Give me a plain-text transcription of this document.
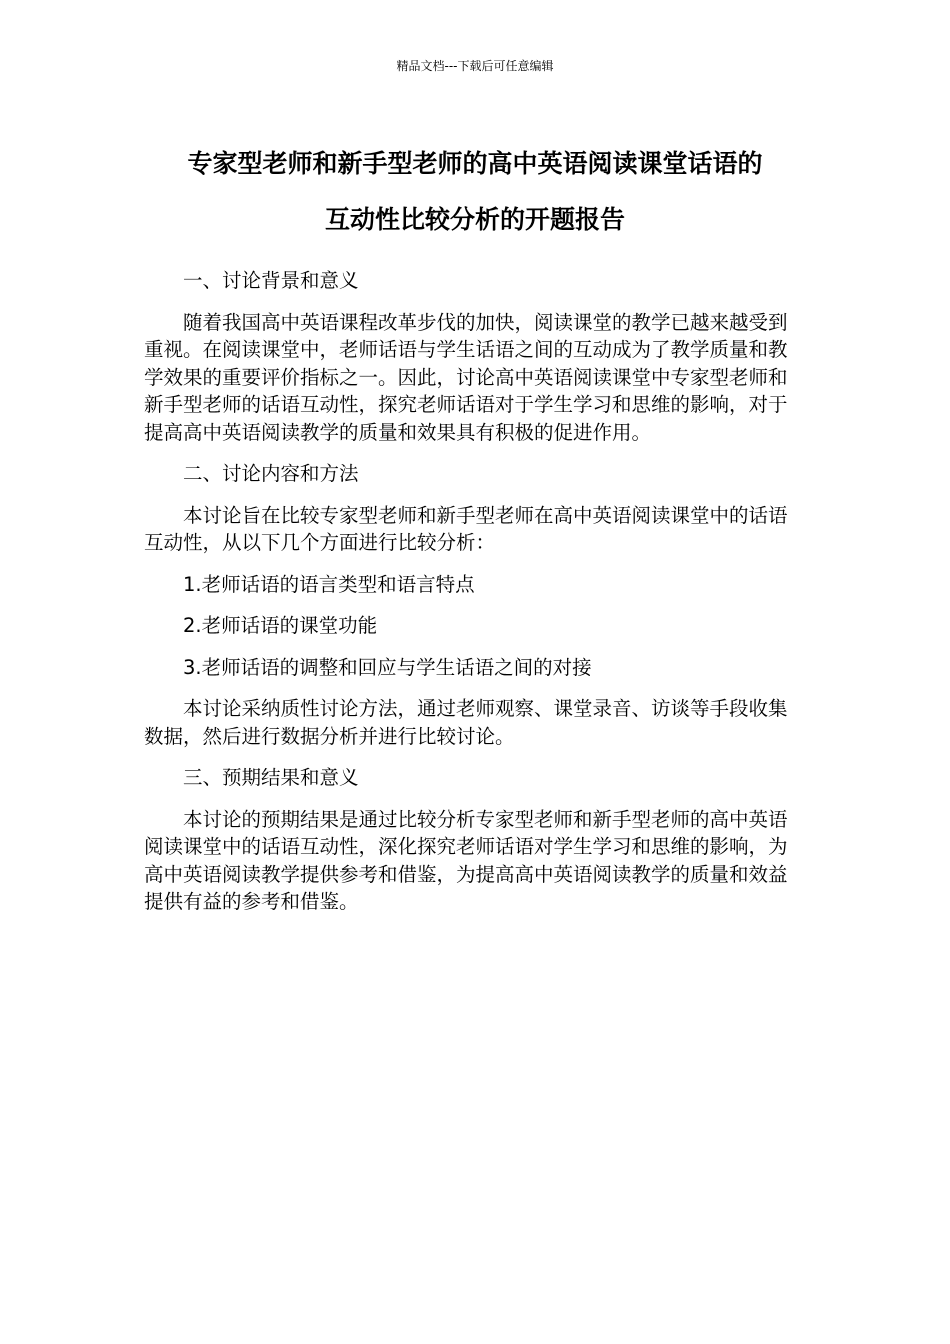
精品文档---下载后可任意编辑
专家型老师和新手型老师的高中英语阅读课堂话语的
互动性比较分析的开题报告

一、讨论背景和意义

随着我国高中英语课程改革步伐的加快，阅读课堂的教学已越来越受到重视。在阅读课堂中，老师话语与学生话语之间的互动成为了教学质量和教学效果的重要评价指标之一。因此，讨论高中英语阅读课堂中专家型老师和新手型老师的话语互动性，探究老师话语对于学生学习和思维的影响，对于提高高中英语阅读教学的质量和效果具有积极的促进作用。

二、讨论内容和方法

本讨论旨在比较专家型老师和新手型老师在高中英语阅读课堂中的话语互动性，从以下几个方面进行比较分析：

1.老师话语的语言类型和语言特点

2.老师话语的课堂功能

3.老师话语的调整和回应与学生话语之间的对接

本讨论采纳质性讨论方法，通过老师观察、课堂录音、访谈等手段收集数据，然后进行数据分析并进行比较讨论。

三、预期结果和意义

本讨论的预期结果是通过比较分析专家型老师和新手型老师的高中英语阅读课堂中的话语互动性，深化探究老师话语对学生学习和思维的影响，为高中英语阅读教学提供参考和借鉴，为提高高中英语阅读教学的质量和效益提供有益的参考和借鉴。
